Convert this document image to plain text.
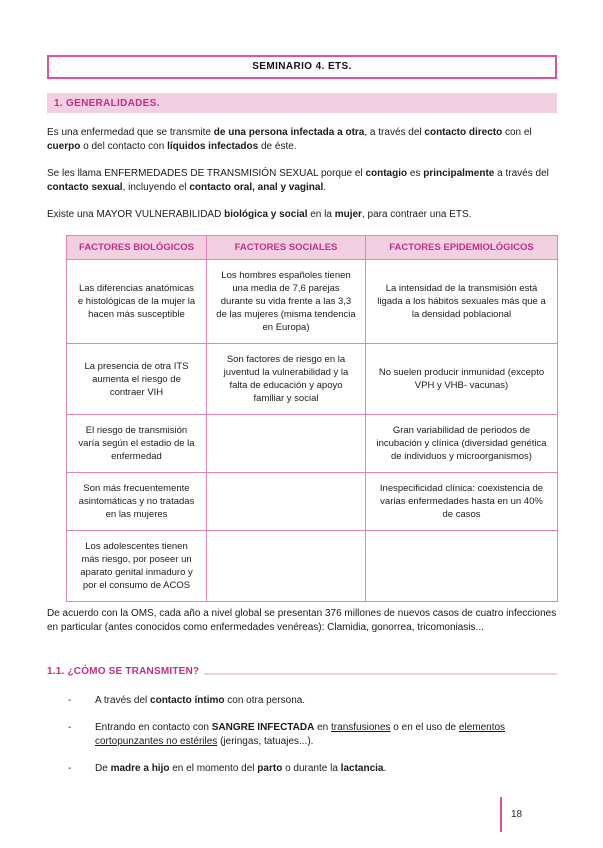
SEMINARIO 4. ETS.
1. GENERALIDADES.

Es una enfermedad que se transmite de una persona infectada a otra, a través del contacto directo con el cuerpo o del contacto con líquidos infectados de éste.

Se les llama ENFERMEDADES DE TRANSMISIÓN SEXUAL porque el contagio es principalmente a través del contacto sexual, incluyendo el contacto oral, anal y vaginal.

Existe una MAYOR VULNERABILIDAD biológica y social en la mujer, para contraer una ETS.

FACTORES BIOLÓGICOS	FACTORES SOCIALES	FACTORES EPIDEMIOLÓGICOS
Las diferencias anatómicas e histológicas de la mujer la hacen más susceptible	Los hombres españoles tienen una media de 7,6 parejas durante su vida frente a las 3,3 de las mujeres (misma tendencia en Europa)	La intensidad de la transmisión está ligada a los hábitos sexuales más que a la densidad poblacional
La presencia de otra ITS aumenta el riesgo de contraer VIH	Son factores de riesgo en la juventud la vulnerabilidad y la falta de educación y apoyo familiar y social	No suelen producir inmunidad (excepto VPH y VHB- vacunas)
El riesgo de transmisión varía según el estadio de la enfermedad		Gran variabilidad de periodos de incubación y clínica (diversidad genética de individuos y microorganismos)
Son más frecuentemente asintomáticas y no tratadas en las mujeres		Inespecificidad clínica: coexistencia de varias enfermedades hasta en un 40% de casos
Los adolescentes tienen más riesgo, por poseer un aparato genital inmaduro y por el consumo de ACOS		

De acuerdo con la OMS, cada año a nivel global se presentan 376 millones de nuevos casos de cuatro infecciones en particular (antes conocidos como enfermedades venéreas): Clamidia, gonorrea, tricomoniasis...

1.1. ¿CÓMO SE TRANSMITEN?
-	A través del contacto íntimo con otra persona.
-	Entrando en contacto con SANGRE INFECTADA en transfusiones o en el uso de elementos cortopunzantes no estériles (jeringas, tatuajes...).
-	De madre a hijo en el momento del parto o durante la lactancia.
18
